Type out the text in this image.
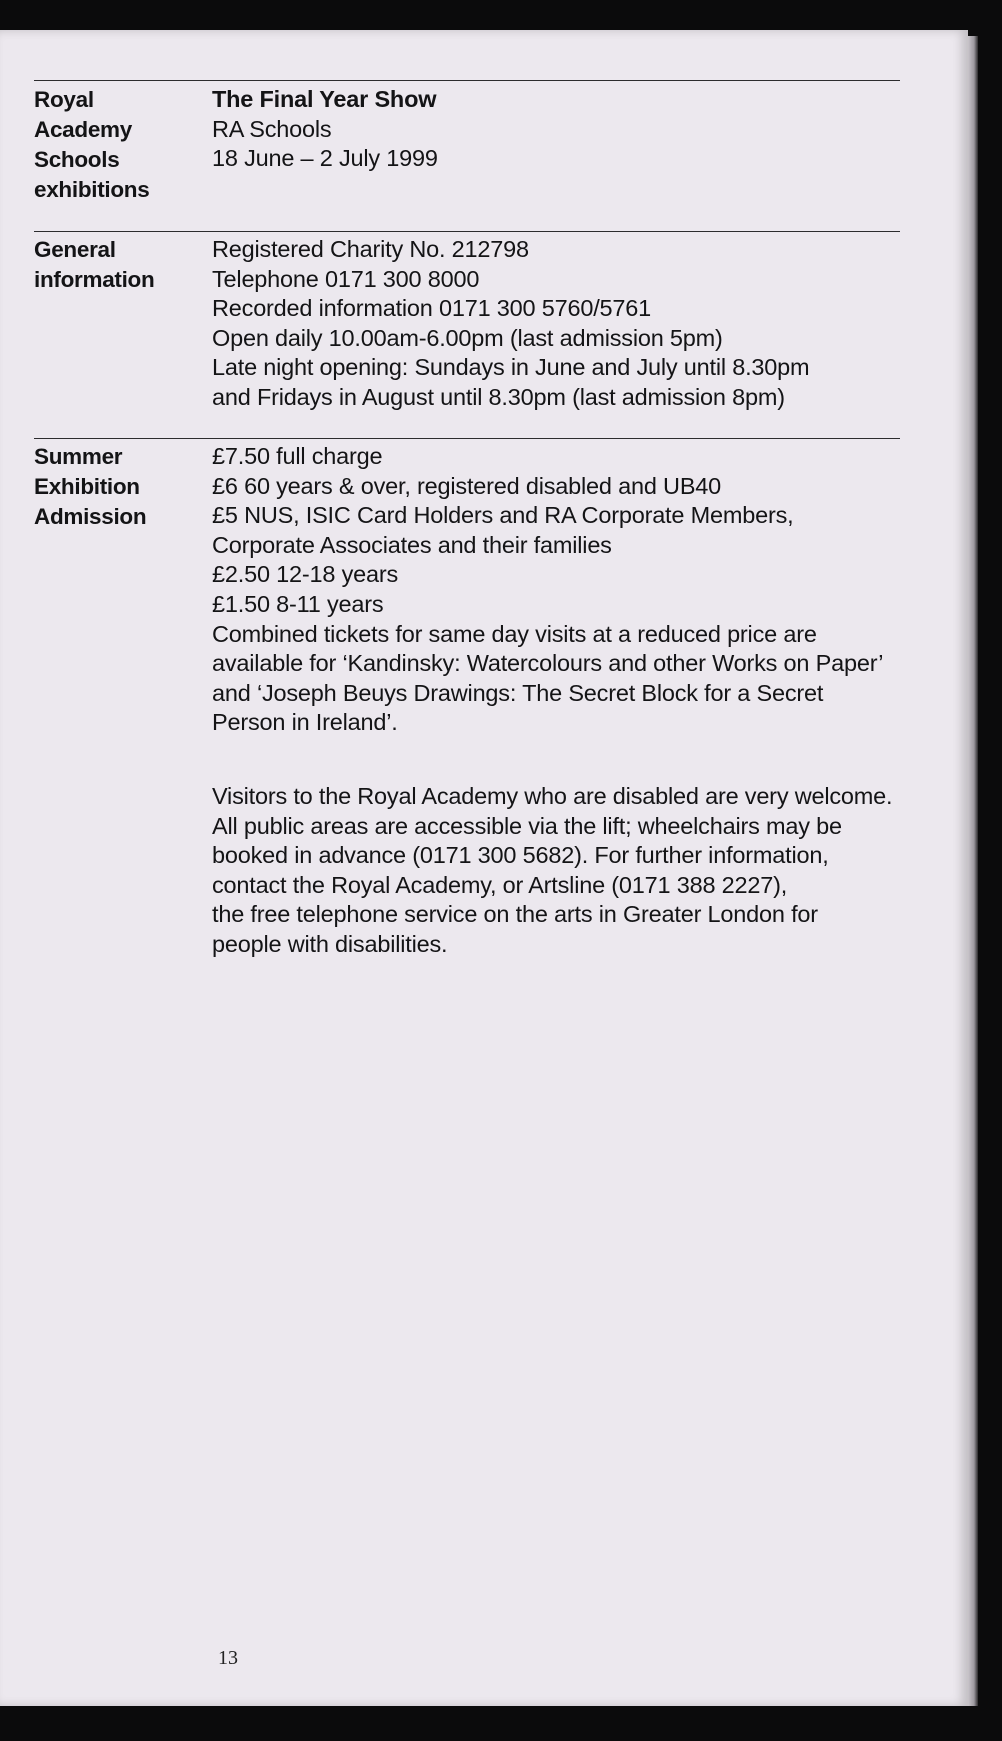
Royal
Academy
Schools
exhibitions
The Final Year Show
RA Schools
18 June – 2 July 1999
General
information
Registered Charity No. 212798
Telephone 0171 300 8000
Recorded information 0171 300 5760/5761
Open daily 10.00am-6.00pm (last admission 5pm)
Late night opening: Sundays in June and July until 8.30pm
and Fridays in August until 8.30pm (last admission 8pm)
Summer
Exhibition
Admission
£7.50 full charge
£6 60 years & over, registered disabled and UB40
£5 NUS, ISIC Card Holders and RA Corporate Members,
Corporate Associates and their families
£2.50 12-18 years
£1.50 8-11 years
Combined tickets for same day visits at a reduced price are
available for ‘Kandinsky: Watercolours and other Works on Paper’
and ‘Joseph Beuys Drawings: The Secret Block for a Secret
Person in Ireland’.
Visitors to the Royal Academy who are disabled are very welcome.
All public areas are accessible via the lift; wheelchairs may be
booked in advance (0171 300 5682). For further information,
contact the Royal Academy, or Artsline (0171 388 2227),
the free telephone service on the arts in Greater London for
people with disabilities.
13
